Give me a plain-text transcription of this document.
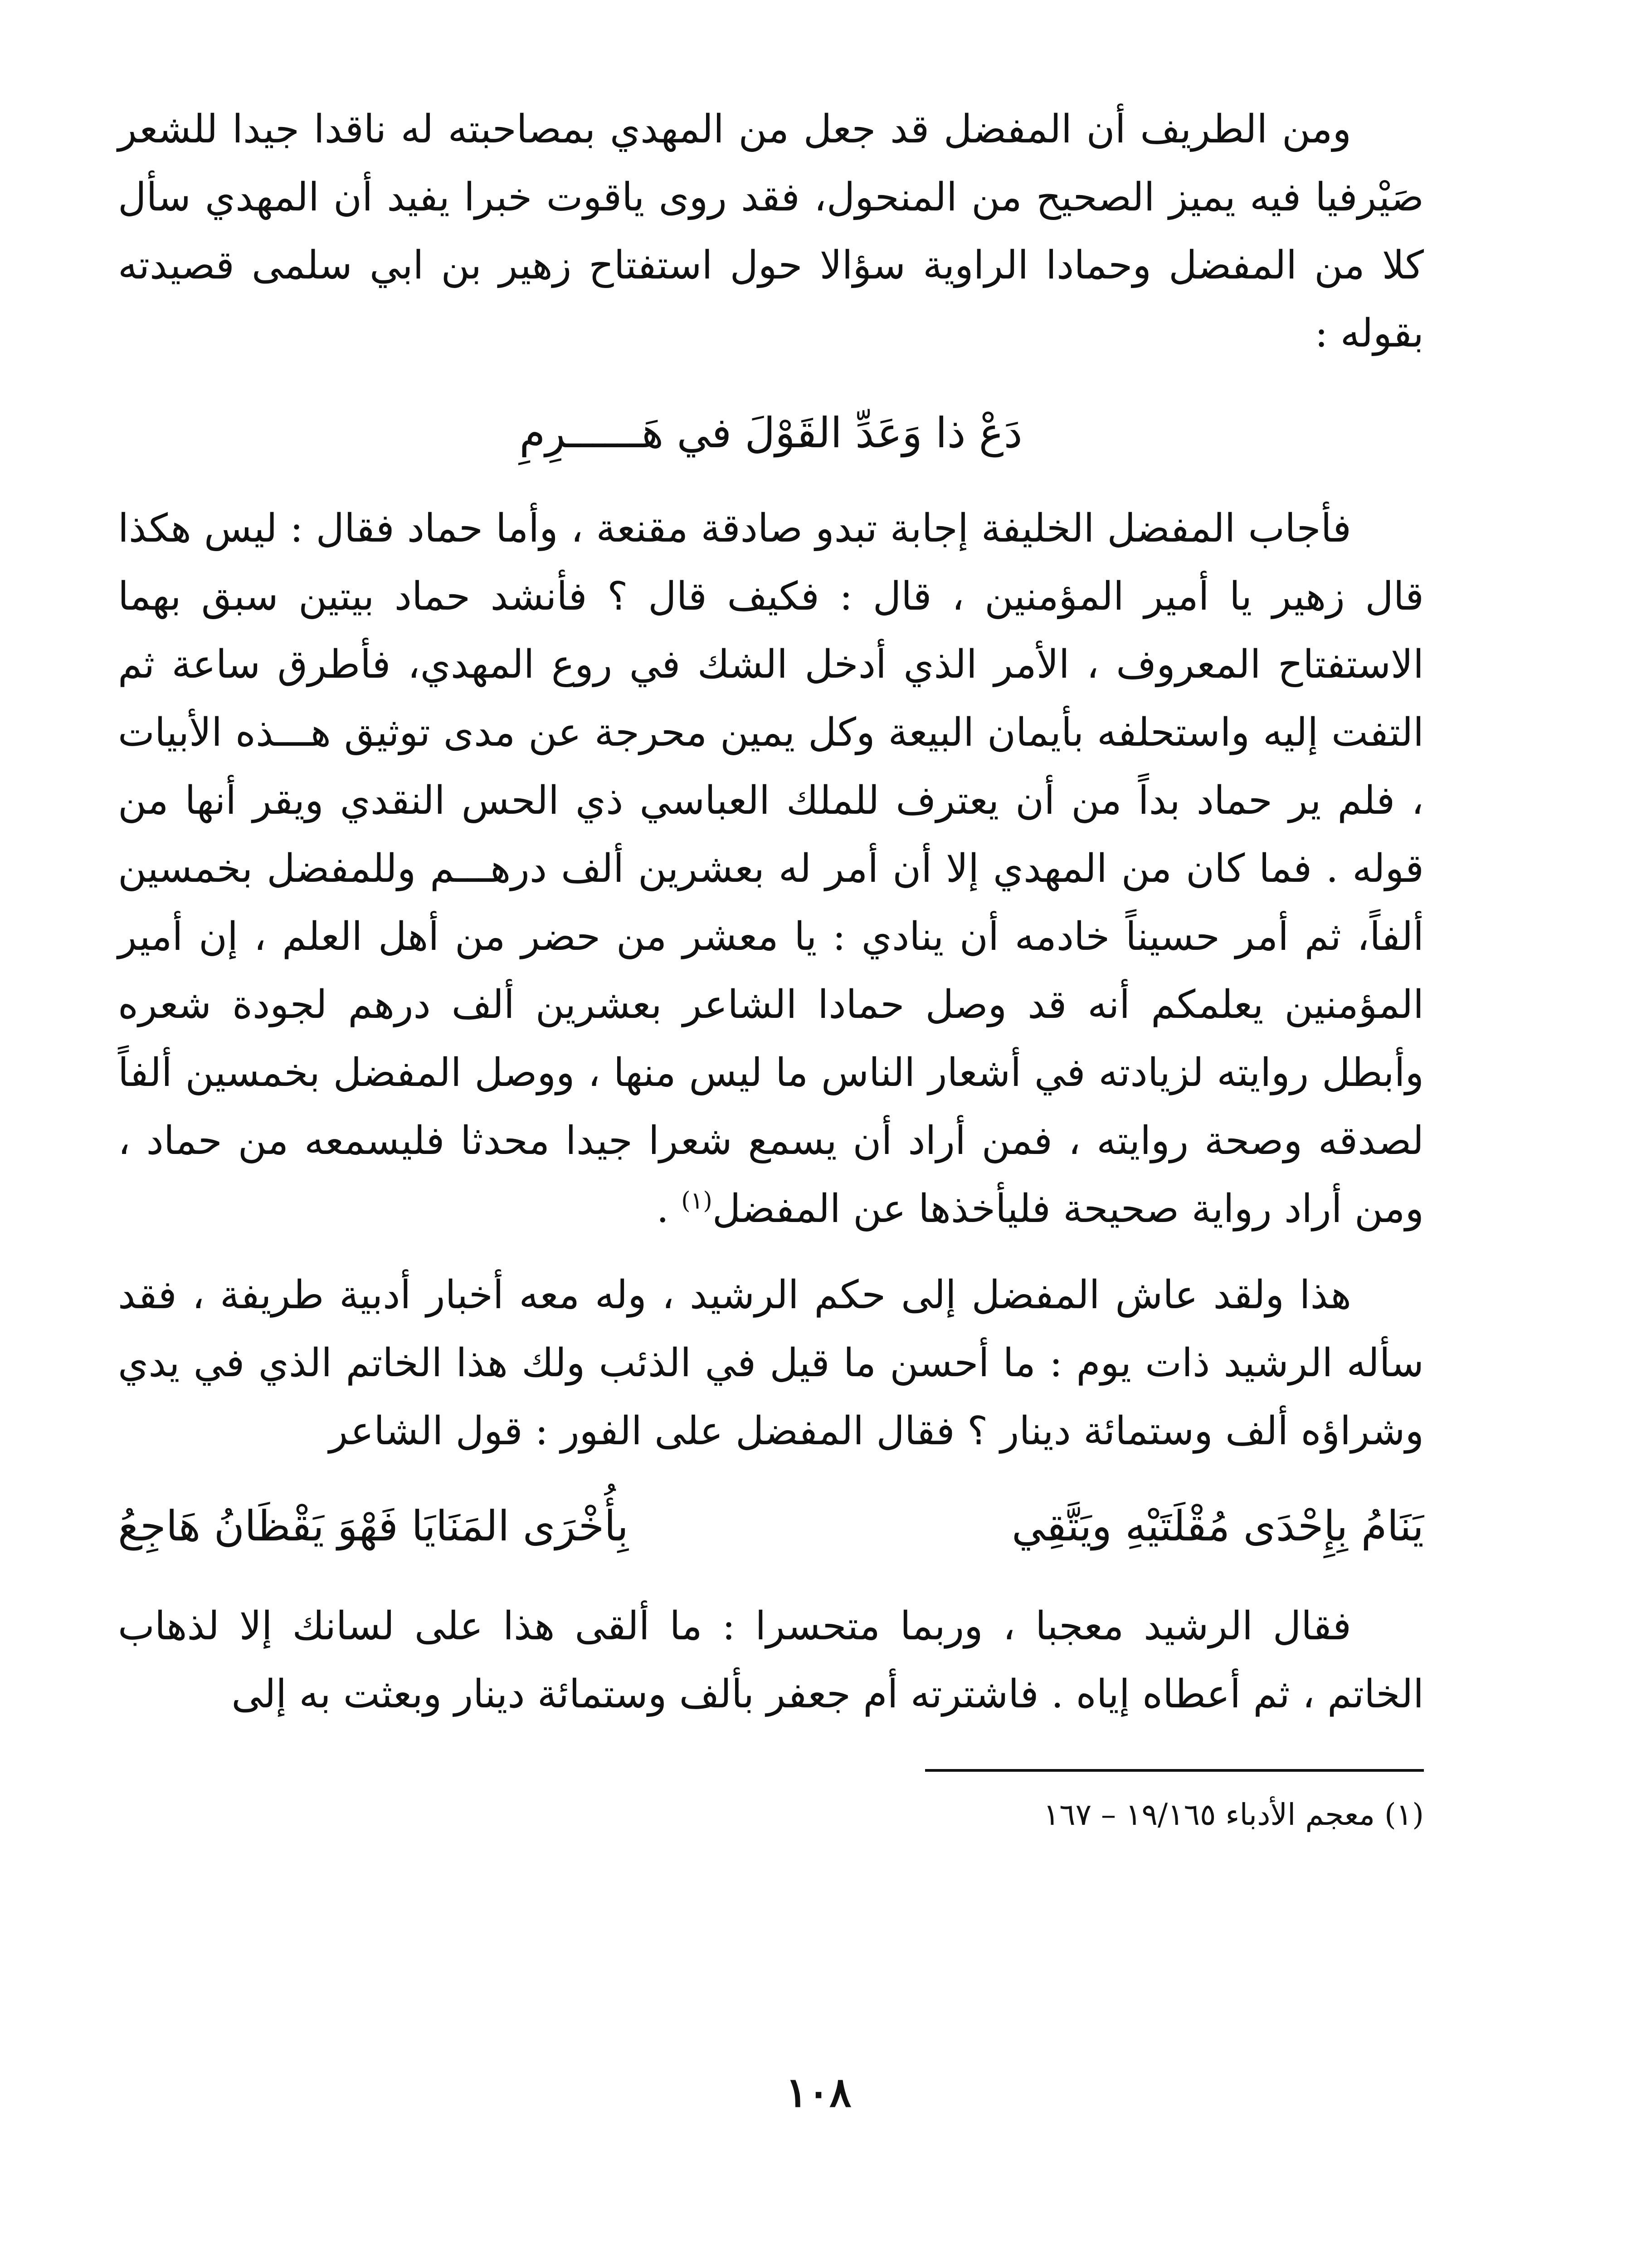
ومن الطريف أن المفضل قد جعل من المهدي بمصاحبته له ناقدا جيدا للشعر صَيْرفيا فيه يميز الصحيح من المنحول، فقد روى ياقوت خبرا يفيد أن المهدي سأل كلا من المفضل وحمادا الراوية سؤالا حول استفتاح زهير بن ابي سلمى قصيدته بقوله :

دَعْ ذا وَعَدِّ القَوْلَ في هَــــــرِمِ

فأجاب المفضل الخليفة إجابة تبدو صادقة مقنعة ، وأما حماد فقال : ليس هكذا قال زهير يا أمير المؤمنين ، قال : فكيف قال ؟ فأنشد حماد بيتين سبق بهما الاستفتاح المعروف ، الأمر الذي أدخل الشك في روع المهدي، فأطرق ساعة ثم التفت إليه واستحلفه بأيمان البيعة وكل يمين محرجة عن مدى توثيق هـــذه الأبيات ، فلم ير حماد بداً من أن يعترف للملك العباسي ذي الحس النقدي ويقر أنها من قوله . فما كان من المهدي إلا أن أمر له بعشرين ألف درهـــم وللمفضل بخمسين ألفاً، ثم أمر حسيناً خادمه أن ينادي : يا معشر من حضر من أهل العلم ، إن أمير المؤمنين يعلمكم أنه قد وصل حمادا الشاعر بعشرين ألف درهم لجودة شعره وأبطل روايته لزيادته في أشعار الناس ما ليس منها ، ووصل المفضل بخمسين ألفاً لصدقه وصحة روايته ، فمن أراد أن يسمع شعرا جيدا محدثا فليسمعه من حماد ، ومن أراد رواية صحيحة فليأخذها عن المفضل$^{(١)}$ .

هذا ولقد عاش المفضل إلى حكم الرشيد ، وله معه أخبار أدبية طريفة ، فقد سأله الرشيد ذات يوم : ما أحسن ما قيل في الذئب ولك هذا الخاتم الذي في يدي وشراؤه ألف وستمائة دينار ؟ فقال المفضل على الفور : قول الشاعر

يَنَامُ بِإِحْدَى مُقْلَتَيْهِ ويَتَّقِي
بِأُخْرَى المَنَايَا فَهْوَ يَقْظَانُ هَاجِعُ

فقال الرشيد معجبا ، وربما متحسرا : ما ألقى هذا على لسانك إلا لذهاب الخاتم ، ثم أعطاه إياه . فاشترته أم جعفر بألف وستمائة دينار وبعثت به إلى

(١) معجم الأدباء ١٩/١٦٥ – ١٦٧

١٠٨
